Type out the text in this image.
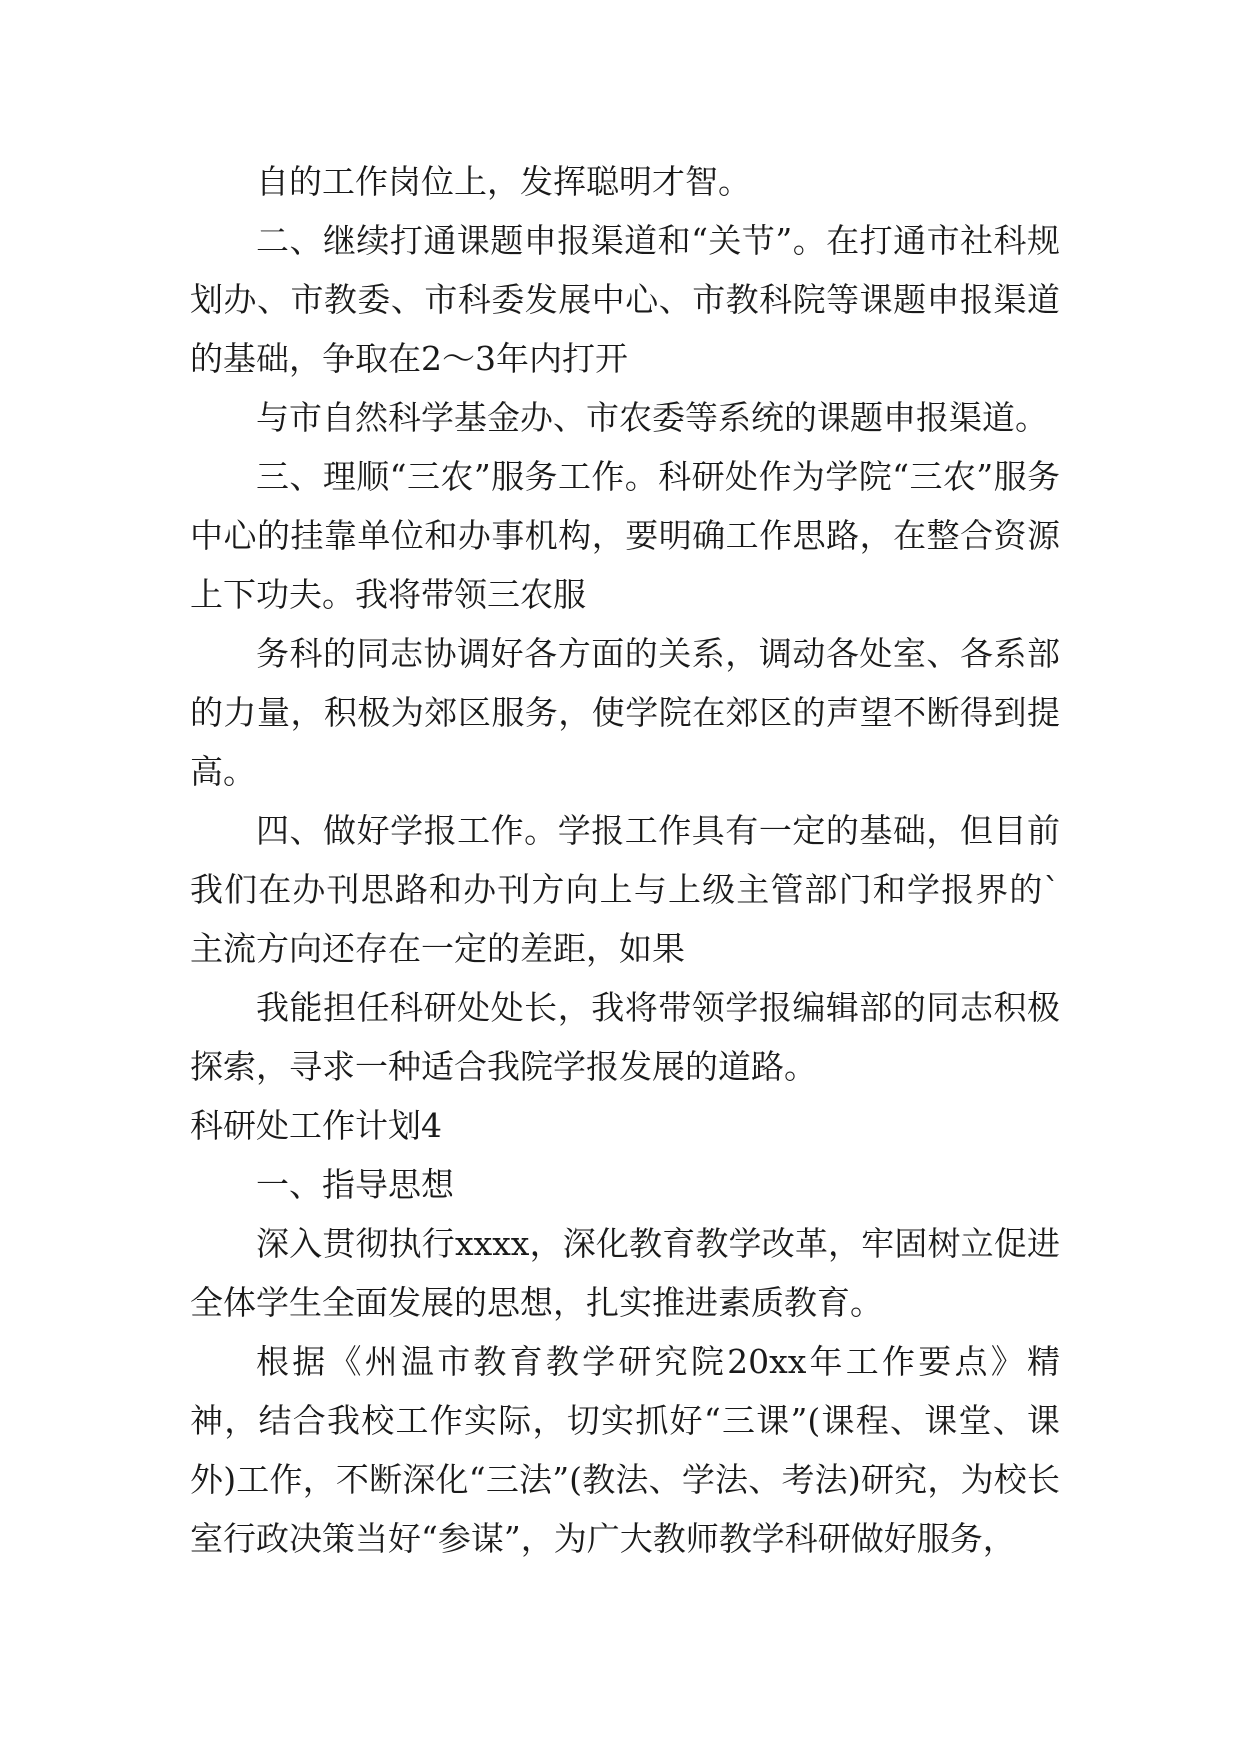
自的工作岗位上，发挥聪明才智。

二、继续打通课题申报渠道和“关节”。在打通市社科规划办、市教委、市科委发展中心、市教科院等课题申报渠道的基础，争取在2～3年内打开

与市自然科学基金办、市农委等系统的课题申报渠道。

三、理顺“三农”服务工作。科研处作为学院“三农”服务中心的挂靠单位和办事机构，要明确工作思路，在整合资源上下功夫。我将带领三农服

务科的同志协调好各方面的关系，调动各处室、各系部的力量，积极为郊区服务，使学院在郊区的声望不断得到提高。

四、做好学报工作。学报工作具有一定的基础，但目前我们在办刊思路和办刊方向上与上级主管部门和学报界的`主流方向还存在一定的差距，如果

我能担任科研处处长，我将带领学报编辑部的同志积极探索，寻求一种适合我院学报发展的道路。

科研处工作计划4

一、指导思想

深入贯彻执行xxxx，深化教育教学改革，牢固树立促进全体学生全面发展的思想，扎实推进素质教育。

根据《州温市教育教学研究院20xx年工作要点》精神，结合我校工作实际，切实抓好“三课”(课程、课堂、课外)工作，不断深化“三法”(教法、学法、考法)研究，为校长室行政决策当好“参谋”，为广大教师教学科研做好服务，
